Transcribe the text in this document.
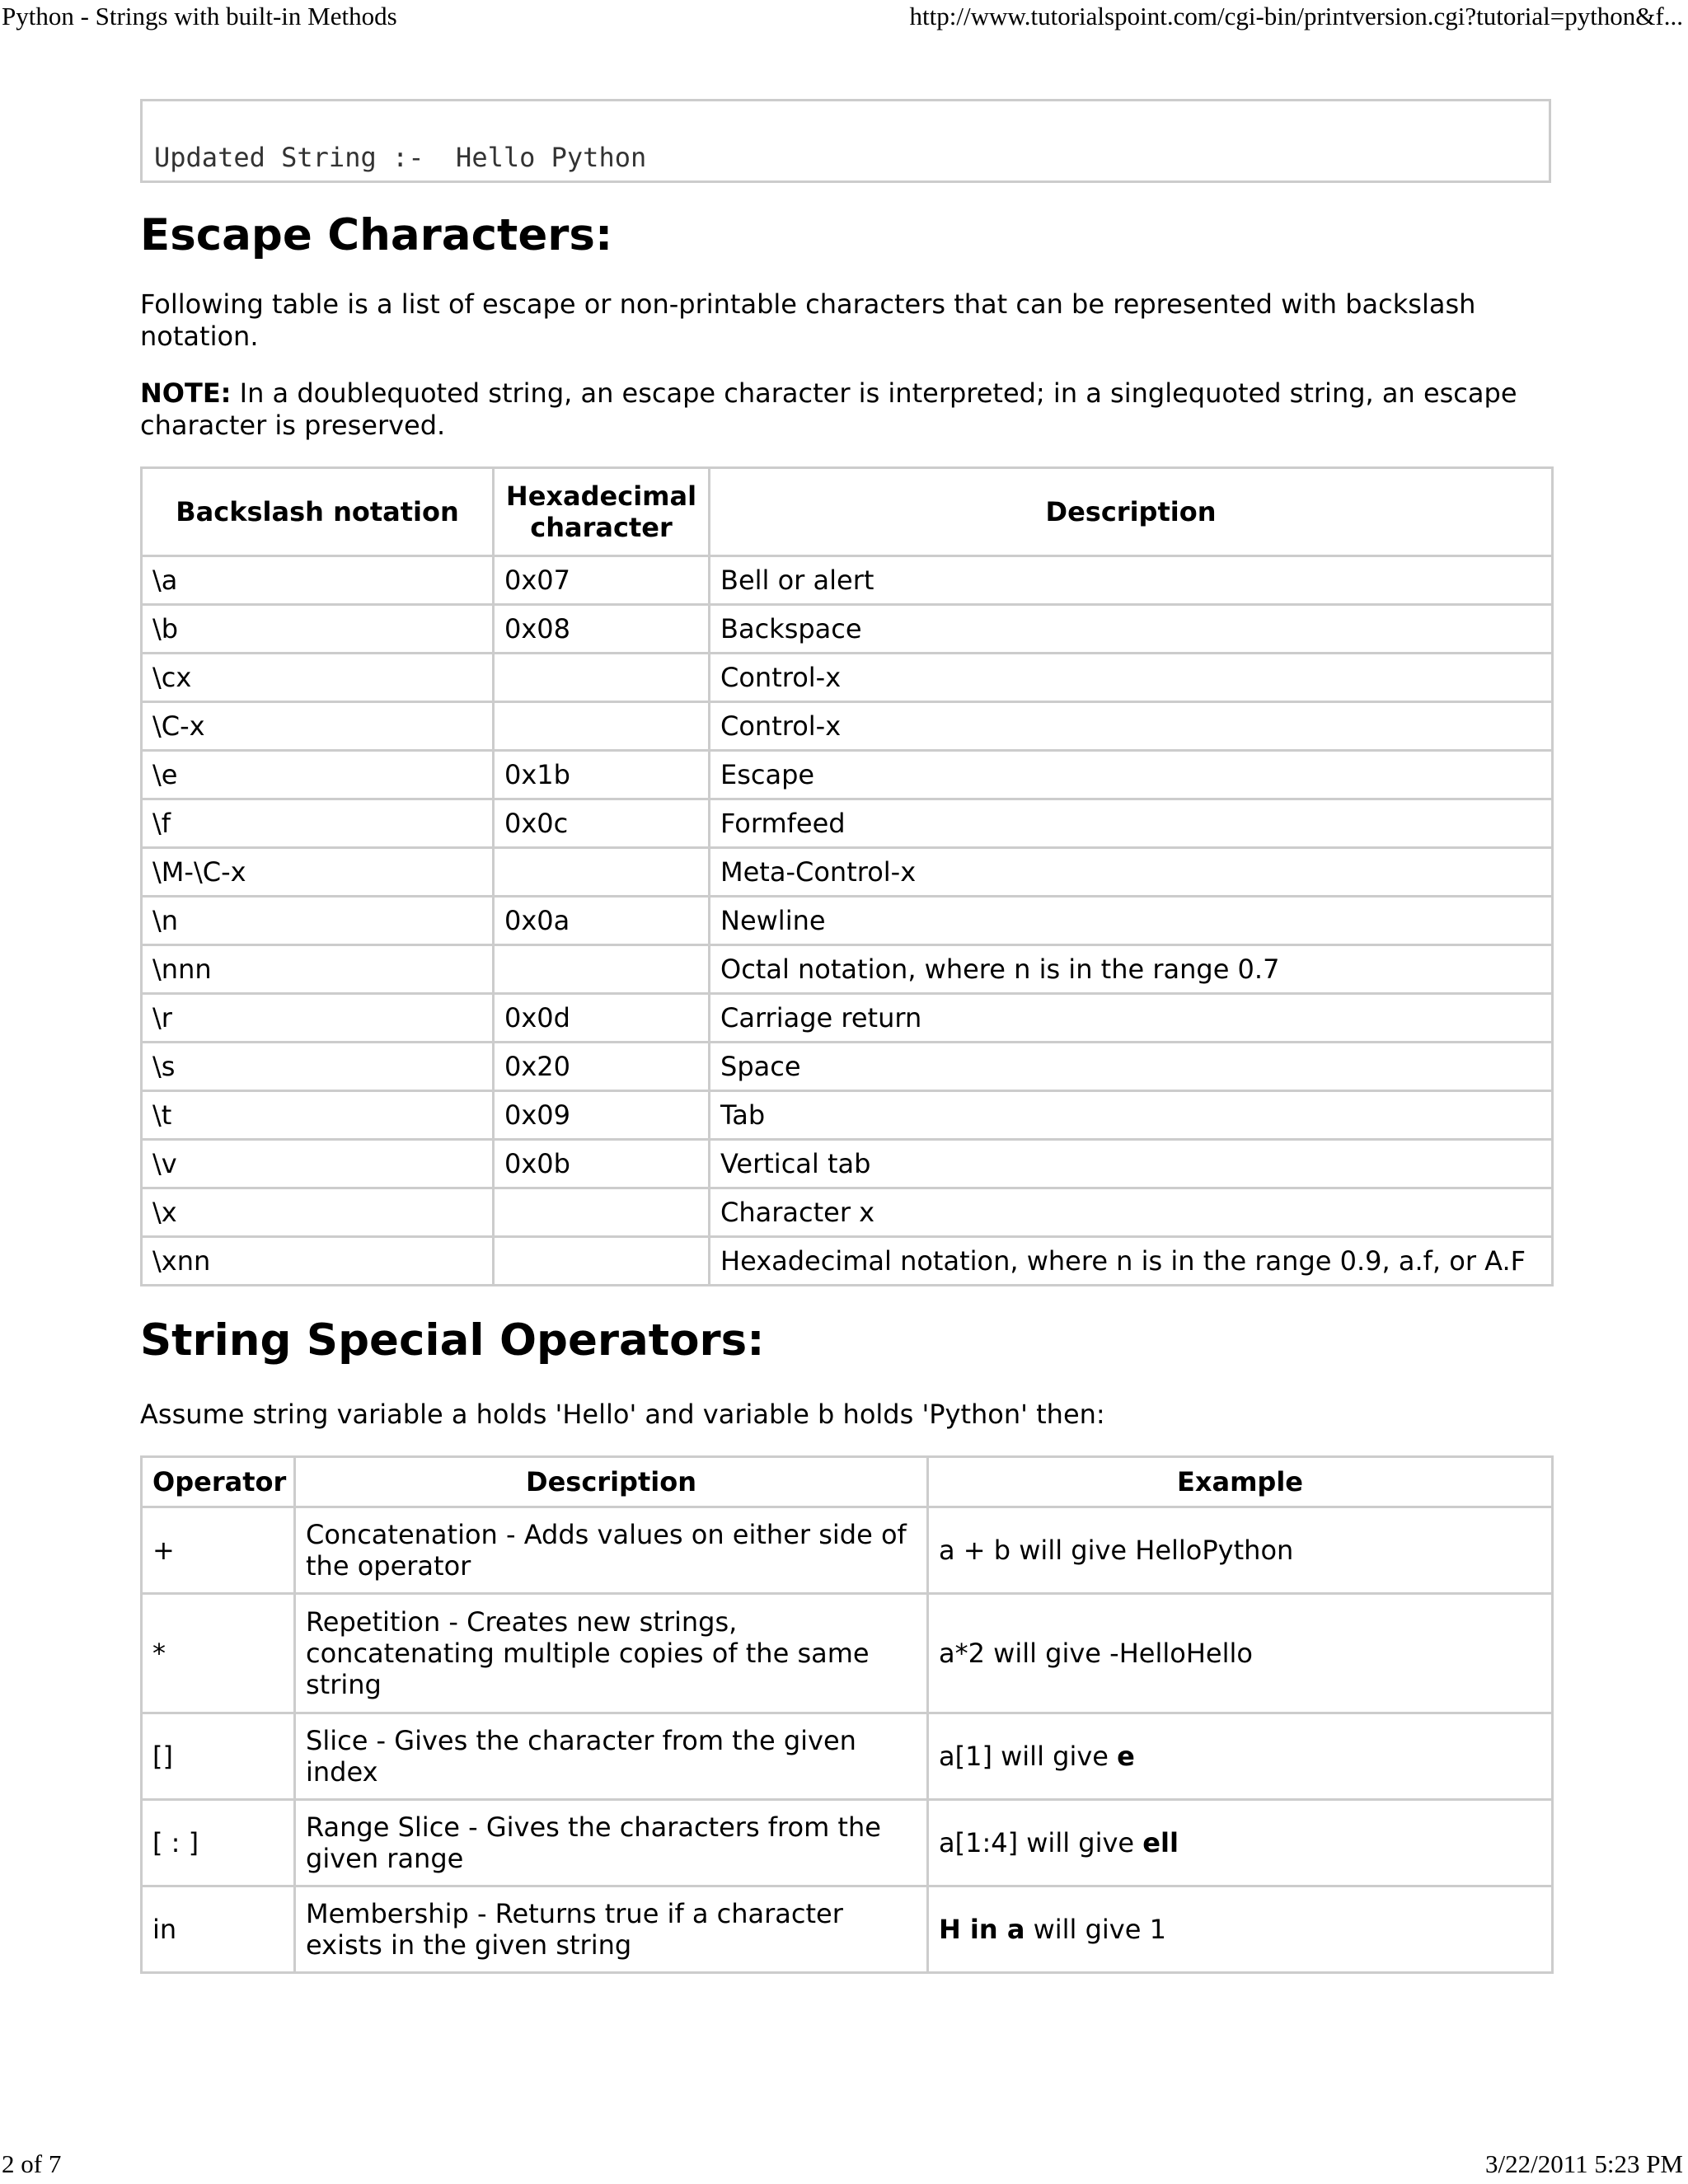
Python - Strings with built-in Methods	http://www.tutorialspoint.com/cgi-bin/printversion.cgi?tutorial=python&f...
Updated String :-  Hello Python
Escape Characters:

Following table is a list of escape or non-printable characters that can be represented with backslash notation.

NOTE: In a doublequoted string, an escape character is interpreted; in a singlequoted string, an escape character is preserved.

Backslash notation	Hexadecimal character	Description
\a	0x07	Bell or alert
\b	0x08	Backspace
\cx		Control-x
\C-x		Control-x
\e	0x1b	Escape
\f	0x0c	Formfeed
\M-\C-x		Meta-Control-x
\n	0x0a	Newline
\nnn		Octal notation, where n is in the range 0.7
\r	0x0d	Carriage return
\s	0x20	Space
\t	0x09	Tab
\v	0x0b	Vertical tab
\x		Character x
\xnn		Hexadecimal notation, where n is in the range 0.9, a.f, or A.F
String Special Operators:

Assume string variable a holds 'Hello' and variable b holds 'Python' then:

Operator	Description	Example
+	Concatenation - Adds values on either side of the operator	a + b will give HelloPython
*	Repetition - Creates new strings, concatenating multiple copies of the same string	a*2 will give -HelloHello
[]	Slice - Gives the character from the given index	a[1] will give e
[ : ]	Range Slice - Gives the characters from the given range	a[1:4] will give ell
in	Membership - Returns true if a character exists in the given string	H in a will give 1
2 of 7	3/22/2011 5:23 PM
